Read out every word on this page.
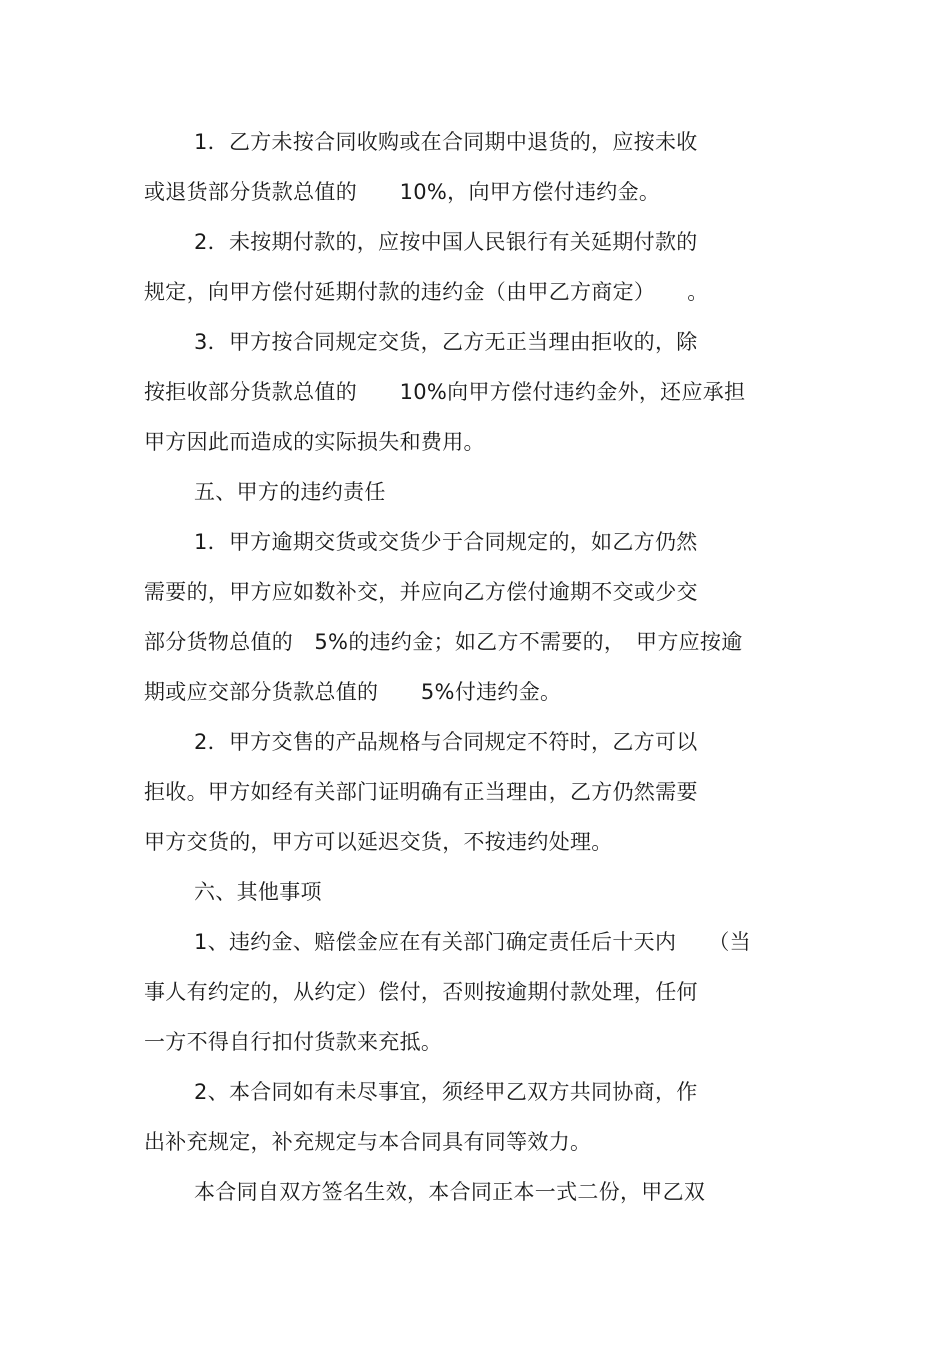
1．乙方未按合同收购或在合同期中退货的，应按未收
或退货部分货款总值的　　10%，向甲方偿付违约金。
2．未按期付款的，应按中国人民银行有关延期付款的
规定，向甲方偿付延期付款的违约金（由甲乙方商定）　　。
3．甲方按合同规定交货，乙方无正当理由拒收的，除
按拒收部分货款总值的　　10%向甲方偿付违约金外，还应承担
甲方因此而造成的实际损失和费用。
五、甲方的违约责任
1．甲方逾期交货或交货少于合同规定的，如乙方仍然
需要的，甲方应如数补交，并应向乙方偿付逾期不交或少交
部分货物总值的　5%的违约金；如乙方不需要的，　甲方应按逾
期或应交部分货款总值的　　5%付违约金。
2．甲方交售的产品规格与合同规定不符时，乙方可以
拒收。甲方如经有关部门证明确有正当理由，乙方仍然需要
甲方交货的，甲方可以延迟交货，不按违约处理。
六、其他事项
1、违约金、赔偿金应在有关部门确定责任后十天内　　（当
事人有约定的，从约定）偿付，否则按逾期付款处理，任何
一方不得自行扣付货款来充抵。
2、本合同如有未尽事宜，须经甲乙双方共同协商，作
出补充规定，补充规定与本合同具有同等效力。
本合同自双方签名生效，本合同正本一式二份，甲乙双
